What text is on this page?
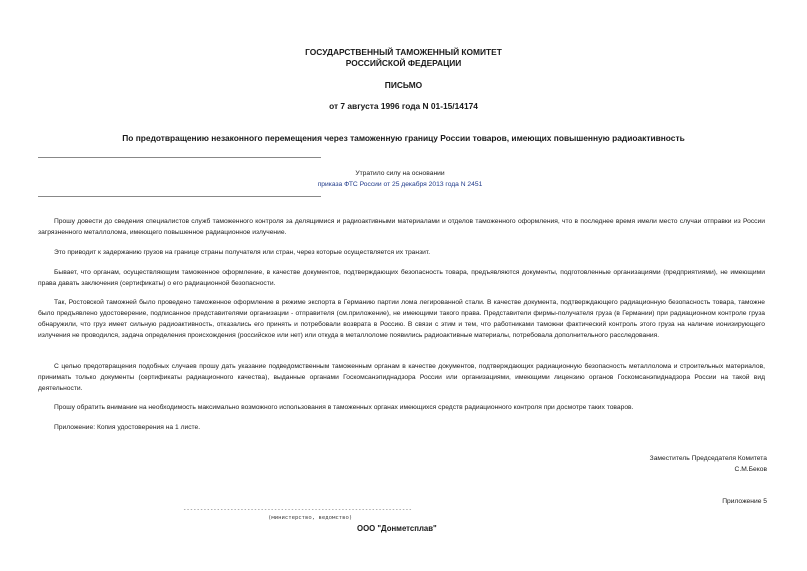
ГОСУДАРСТВЕННЫЙ ТАМОЖЕННЫЙ КОМИТЕТ
РОССИЙСКОЙ ФЕДЕРАЦИИ
ПИСЬМО
от 7 августа 1996 года N 01-15/14174
По предотвращению незаконного перемещения через таможенную границу России товаров, имеющих повышенную радиоактивность
Утратило силу на основании
приказа ФТС России от 25 декабря 2013 года N 2451

Прошу довести до сведения специалистов служб таможенного контроля за делящимися и радиоактивными материалами и отделов таможенного оформления, что в последнее время имели место случаи отправки из России загрязненного металлолома, имеющего повышенное радиационное излучение.

Это приводит к задержанию грузов на границе страны получателя или стран, через которые осуществляется их транзит.

Бывает, что органам, осуществляющим таможенное оформление, в качестве документов, подтверждающих безопасность товара, предъявляются документы, подготовленные организациями (предприятиями), не имеющими права давать заключения (сертификаты) о его радиационной безопасности.

Так, Ростовской таможней было проведено таможенное оформление в режиме экспорта в Германию партии лома легированной стали. В качестве документа, подтверждающего радиационную безопасность товара, таможне было предъявлено удостоверение, подписанное представителями организации - отправителя (см.приложение), не имеющими такого права. Представители фирмы-получателя груза (в Германии) при радиационном контроле груза обнаружили, что груз имеет сильную радиоактивность, отказались его принять и потребовали возврата в Россию. В связи с этим и тем, что работниками таможни фактический контроль этого груза на наличие ионизирующего излучения не проводился, задача определения происхождения (российское или нет) или откуда в металлоломе появились радиоактивные материалы, потребовала дополнительного расследования.

С целью предотвращения подобных случаев прошу дать указание подведомственным таможенным органам в качестве документов, подтверждающих радиационную безопасность металлолома и строительных материалов, принимать только документы (сертификаты радиационного качества), выданные органами Госкомсанэпиднадзора России или организациями, имеющими лицензию органов Госкомсанэпиднадзора России на такой вид деятельности.

Прошу обратить внимание на необходимость максимально возможного использования в таможенных органах имеющихся средств радиационного контроля при досмотре таких товаров.

Приложение: Копия удостоверения на 1 листе.

Заместитель Председателя Комитета
С.М.Беков
Приложение 5
--------------------------------------------------------------------
(министерство, ведомство)
ООО "Донметсплав"
